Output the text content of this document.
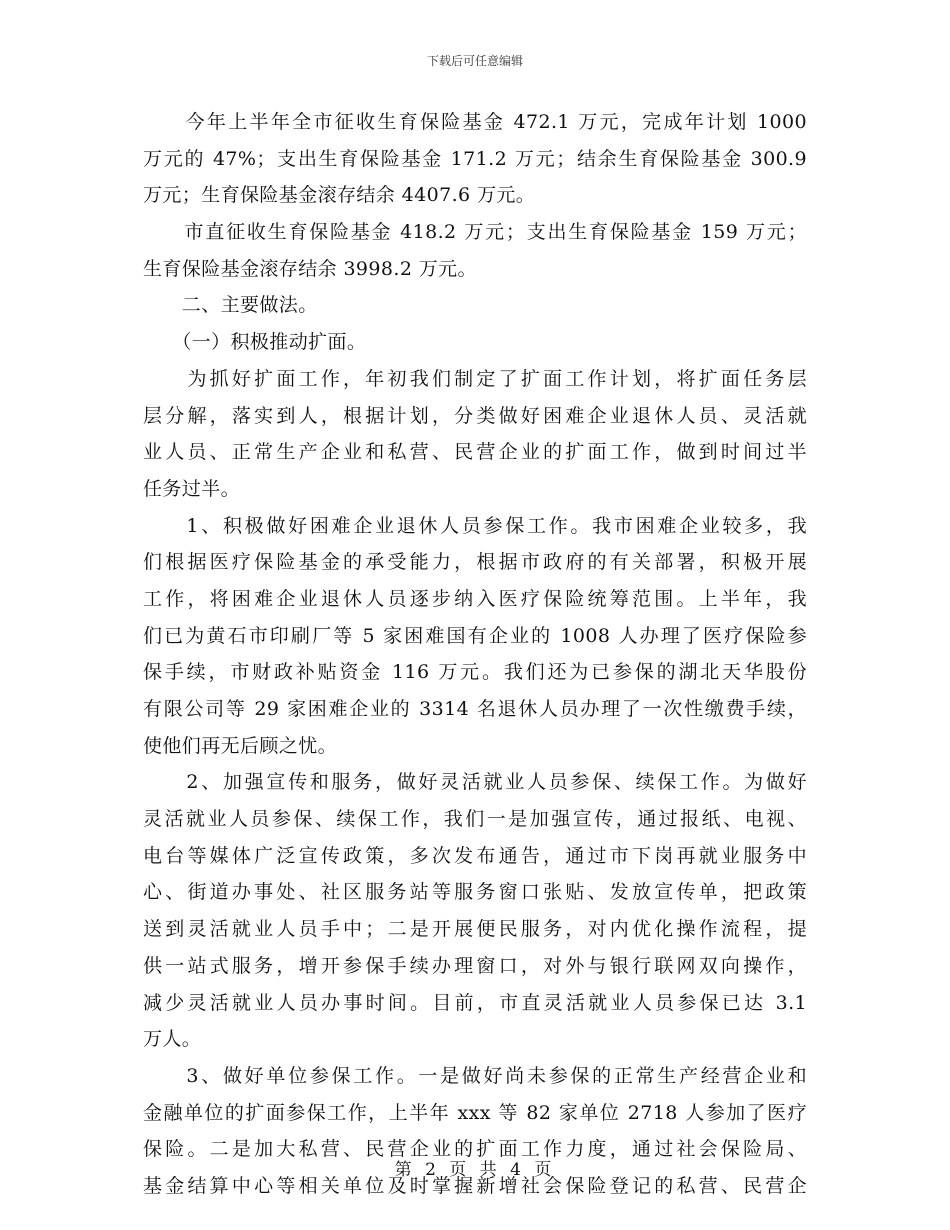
下载后可任意编辑
　　今年上半年全市征收生育保险基金 472.1 万元，完成年计划 1000
万元的 47%；支出生育保险基金 171.2 万元；结余生育保险基金 300.9
万元；生育保险基金滚存结余 4407.6 万元。
　　市直征收生育保险基金 418.2 万元；支出生育保险基金 159 万元；
生育保险基金滚存结余 3998.2 万元。
　　二、主要做法。
　　（一）积极推动扩面。
　　为抓好扩面工作，年初我们制定了扩面工作计划，将扩面任务层
层分解，落实到人，根据计划，分类做好困难企业退休人员、灵活就
业人员、正常生产企业和私营、民营企业的扩面工作，做到时间过半
任务过半。
　　1、积极做好困难企业退休人员参保工作。我市困难企业较多，我
们根据医疗保险基金的承受能力，根据市政府的有关部署，积极开展
工作，将困难企业退休人员逐步纳入医疗保险统筹范围。上半年，我
们已为黄石市印刷厂等 5 家困难国有企业的 1008 人办理了医疗保险参
保手续，市财政补贴资金 116 万元。我们还为已参保的湖北天华股份
有限公司等 29 家困难企业的 3314 名退休人员办理了一次性缴费手续，
使他们再无后顾之忧。
　　2、加强宣传和服务，做好灵活就业人员参保、续保工作。为做好
灵活就业人员参保、续保工作，我们一是加强宣传，通过报纸、电视、
电台等媒体广泛宣传政策，多次发布通告，通过市下岗再就业服务中
心、街道办事处、社区服务站等服务窗口张贴、发放宣传单，把政策
送到灵活就业人员手中；二是开展便民服务，对内优化操作流程，提
供一站式服务，增开参保手续办理窗口，对外与银行联网双向操作，
减少灵活就业人员办事时间。目前，市直灵活就业人员参保已达 3.1
万人。
　　3、做好单位参保工作。一是做好尚未参保的正常生产经营企业和
金融单位的扩面参保工作，上半年 xxx 等 82 家单位 2718 人参加了医疗
保险。二是加大私营、民营企业的扩面工作力度，通过社会保险局、
基金结算中心等相关单位及时掌握新增社会保险登记的私营、民营企
第 2 页 共 4 页
